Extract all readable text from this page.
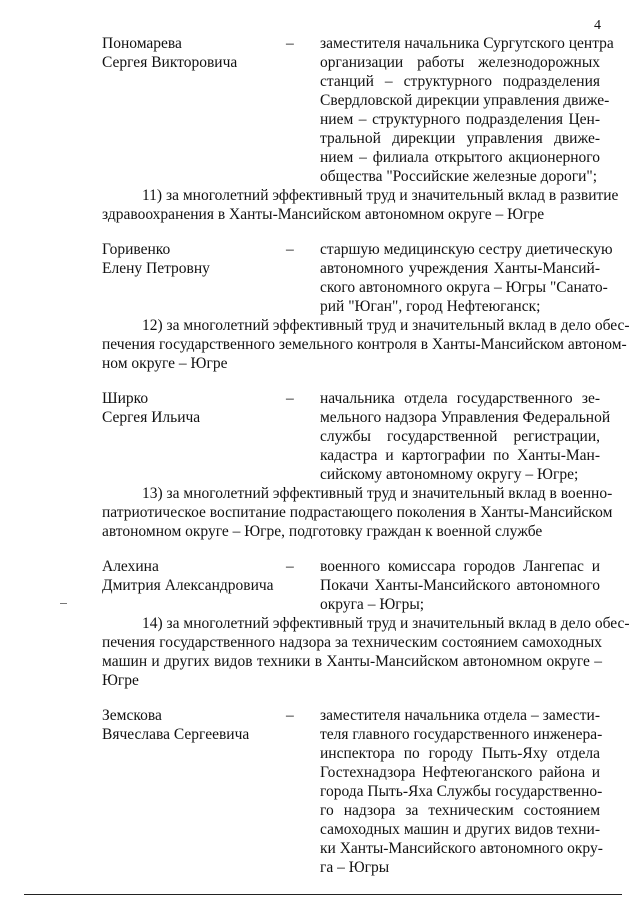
4
Пономарева
Сергея Викторовича
– заместителя начальника Сургутского центра
организации работы железнодорожных
станций – структурного подразделения
Свердловской дирекции управления движе-
нием – структурного подразделения Цен-
тральной дирекции управления движе-
нием – филиала открытого акционерного
общества "Российские железные дороги";
11) за многолетний эффективный труд и значительный вклад в развитие
здравоохранения в Ханты-Мансийском автономном округе – Югре
Горивенко
Елену Петровну
– старшую медицинскую сестру диетическую
автономного учреждения Ханты-Мансий-
ского автономного округа – Югры "Санато-
рий "Юган", город Нефтеюганск;
12) за многолетний эффективный труд и значительный вклад в дело обес-
печения государственного земельного контроля в Ханты-Мансийском автоном-
ном округе – Югре
Ширко
Сергея Ильича
– начальника отдела государственного зе-
мельного надзора Управления Федеральной
службы государственной регистрации,
кадастра и картографии по Ханты-Ман-
сийскому автономному округу – Югре;
13) за многолетний эффективный труд и значительный вклад в военно-
патриотическое воспитание подрастающего поколения в Ханты-Мансийском
автономном округе – Югре, подготовку граждан к военной службе
Алехина
Дмитрия Александровича
– военного комиссара городов Лангепас и
Покачи Ханты-Мансийского автономного
округа – Югры;
14) за многолетний эффективный труд и значительный вклад в дело обес-
печения государственного надзора за техническим состоянием самоходных
машин и других видов техники в Ханты-Мансийском автономном округе –
Югре
Земскова
Вячеслава Сергеевича
– заместителя начальника отдела – замести-
теля главного государственного инженера-
инспектора по городу Пыть-Яху отдела
Гостехнадзора Нефтеюганского района и
города Пыть-Яха Службы государственно-
го надзора за техническим состоянием
самоходных машин и других видов техни-
ки Ханты-Мансийского автономного окру-
га – Югры
